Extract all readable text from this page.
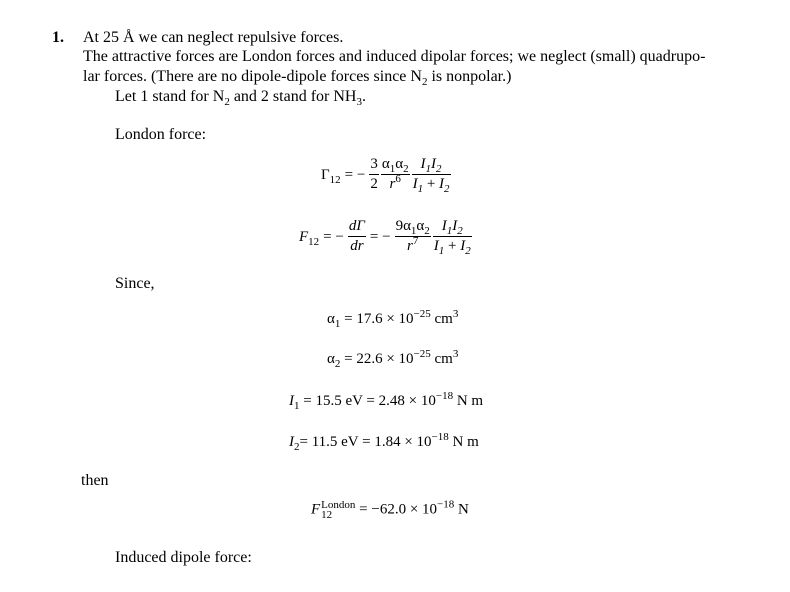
1. At 25 Å we can neglect repulsive forces.
The attractive forces are London forces and induced dipolar forces; we neglect (small) quadrupo-
lar forces. (There are no dipole-dipole forces since $N_2$ is nonpolar.)
Let 1 stand for $N_2$ and 2 stand for $NH_3$.
London force:
$\Gamma_{12}$ = − $\frac{3}{2} \frac{\alpha_1\alpha_2}{r^6} \frac{I_1I_2}{I_1 + I_2}$
$F_{12}$ = − $\frac{d\Gamma}{dr}$ = − $\frac{9\alpha_1\alpha_2}{r^7} \frac{I_1I_2}{I_1 + I_2}$
Since,
$\alpha_1 = 17.6 \times 10^{-25}$ $cm^3$
$\alpha_2 = 22.6 \times 10^{-25}$ $cm^3$
$I_1 = 15.5$ eV = $2.48 \times 10^{-18}$ N m
$I_2= 11.5$ eV = $1.84 \times 10^{-18}$ N m
then
F London
12	= $-62.0 \times 10^{-18}$ N
Induced dipole force:
